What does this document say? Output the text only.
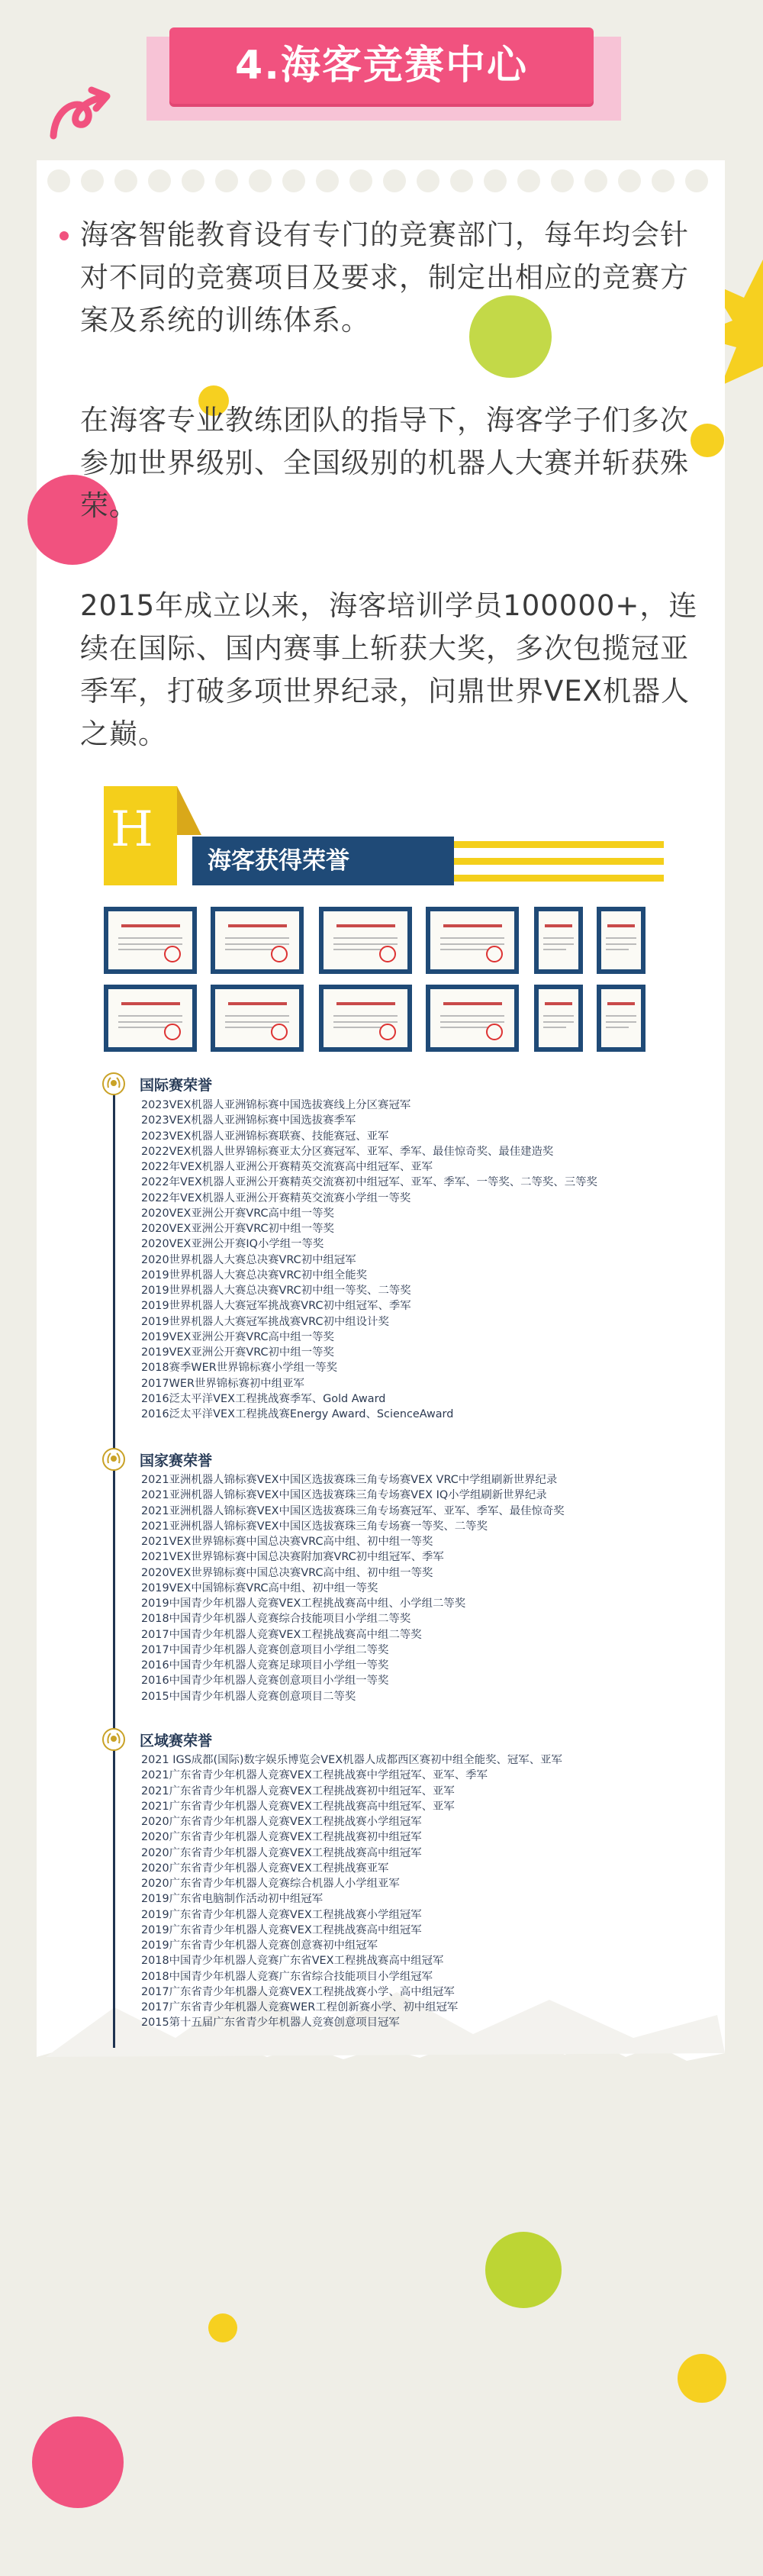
4.海客竞赛中心
海客智能教育设有专门的竞赛部门，每年均会针对不同的竞赛项目及要求，制定出相应的竞赛方案及系统的训练体系。
在海客专业教练团队的指导下，海客学子们多次参加世界级别、全国级别的机器人大赛并斩获殊荣。
2015年成立以来，海客培训学员100000+，连续在国际、国内赛事上斩获大奖，多次包揽冠亚季军，打破多项世界纪录，问鼎世界VEX机器人之巅。
H
海客获得荣誉
国际赛荣誉
2023VEX机器人亚洲锦标赛中国选拔赛线上分区赛冠军
2023VEX机器人亚洲锦标赛中国选拔赛季军
2023VEX机器人亚洲锦标赛联赛、技能赛冠、亚军
2022VEX机器人世界锦标赛亚太分区赛冠军、亚军、季军、最佳惊奇奖、最佳建造奖
2022年VEX机器人亚洲公开赛精英交流赛高中组冠军、亚军
2022年VEX机器人亚洲公开赛精英交流赛初中组冠军、亚军、季军、一等奖、二等奖、三等奖
2022年VEX机器人亚洲公开赛精英交流赛小学组一等奖
2020VEX亚洲公开赛VRC高中组一等奖
2020VEX亚洲公开赛VRC初中组一等奖
2020VEX亚洲公开赛IQ小学组一等奖
2020世界机器人大赛总决赛VRC初中组冠军
2019世界机器人大赛总决赛VRC初中组全能奖
2019世界机器人大赛总决赛VRC初中组一等奖、二等奖
2019世界机器人大赛冠军挑战赛VRC初中组冠军、季军
2019世界机器人大赛冠军挑战赛VRC初中组设计奖
2019VEX亚洲公开赛VRC高中组一等奖
2019VEX亚洲公开赛VRC初中组一等奖
2018赛季WER世界锦标赛小学组一等奖
2017WER世界锦标赛初中组亚军
2016泛太平洋VEX工程挑战赛季军、Gold Award
2016泛太平洋VEX工程挑战赛Energy Award、ScienceAward
国家赛荣誉
2021亚洲机器人锦标赛VEX中国区选拔赛珠三角专场赛VEX VRC中学组刷新世界纪录
2021亚洲机器人锦标赛VEX中国区选拔赛珠三角专场赛VEX IQ小学组刷新世界纪录
2021亚洲机器人锦标赛VEX中国区选拔赛珠三角专场赛冠军、亚军、季军、最佳惊奇奖
2021亚洲机器人锦标赛VEX中国区选拔赛珠三角专场赛一等奖、二等奖
2021VEX世界锦标赛中国总决赛VRC高中组、初中组一等奖
2021VEX世界锦标赛中国总决赛附加赛VRC初中组冠军、季军
2020VEX世界锦标赛中国总决赛VRC高中组、初中组一等奖
2019VEX中国锦标赛VRC高中组、初中组一等奖
2019中国青少年机器人竞赛VEX工程挑战赛高中组、小学组二等奖
2018中国青少年机器人竞赛综合技能项目小学组二等奖
2017中国青少年机器人竞赛VEX工程挑战赛高中组二等奖
2017中国青少年机器人竞赛创意项目小学组二等奖
2016中国青少年机器人竞赛足球项目小学组一等奖
2016中国青少年机器人竞赛创意项目小学组一等奖
2015中国青少年机器人竞赛创意项目二等奖
区域赛荣誉
2021 IGS成都(国际)数字娱乐博览会VEX机器人成都西区赛初中组全能奖、冠军、亚军
2021广东省青少年机器人竞赛VEX工程挑战赛中学组冠军、亚军、季军
2021广东省青少年机器人竞赛VEX工程挑战赛初中组冠军、亚军
2021广东省青少年机器人竞赛VEX工程挑战赛高中组冠军、亚军
2020广东省青少年机器人竞赛VEX工程挑战赛小学组冠军
2020广东省青少年机器人竞赛VEX工程挑战赛初中组冠军
2020广东省青少年机器人竞赛VEX工程挑战赛高中组冠军
2020广东省青少年机器人竞赛VEX工程挑战赛亚军
2020广东省青少年机器人竞赛综合机器人小学组亚军
2019广东省电脑制作活动初中组冠军
2019广东省青少年机器人竞赛VEX工程挑战赛小学组冠军
2019广东省青少年机器人竞赛VEX工程挑战赛高中组冠军
2019广东省青少年机器人竞赛创意赛初中组冠军
2018中国青少年机器人竞赛广东省VEX工程挑战赛高中组冠军
2018中国青少年机器人竞赛广东省综合技能项目小学组冠军
2017广东省青少年机器人竞赛VEX工程挑战赛小学、高中组冠军
2017广东省青少年机器人竞赛WER工程创新赛小学、初中组冠军
2015第十五届广东省青少年机器人竞赛创意项目冠军
